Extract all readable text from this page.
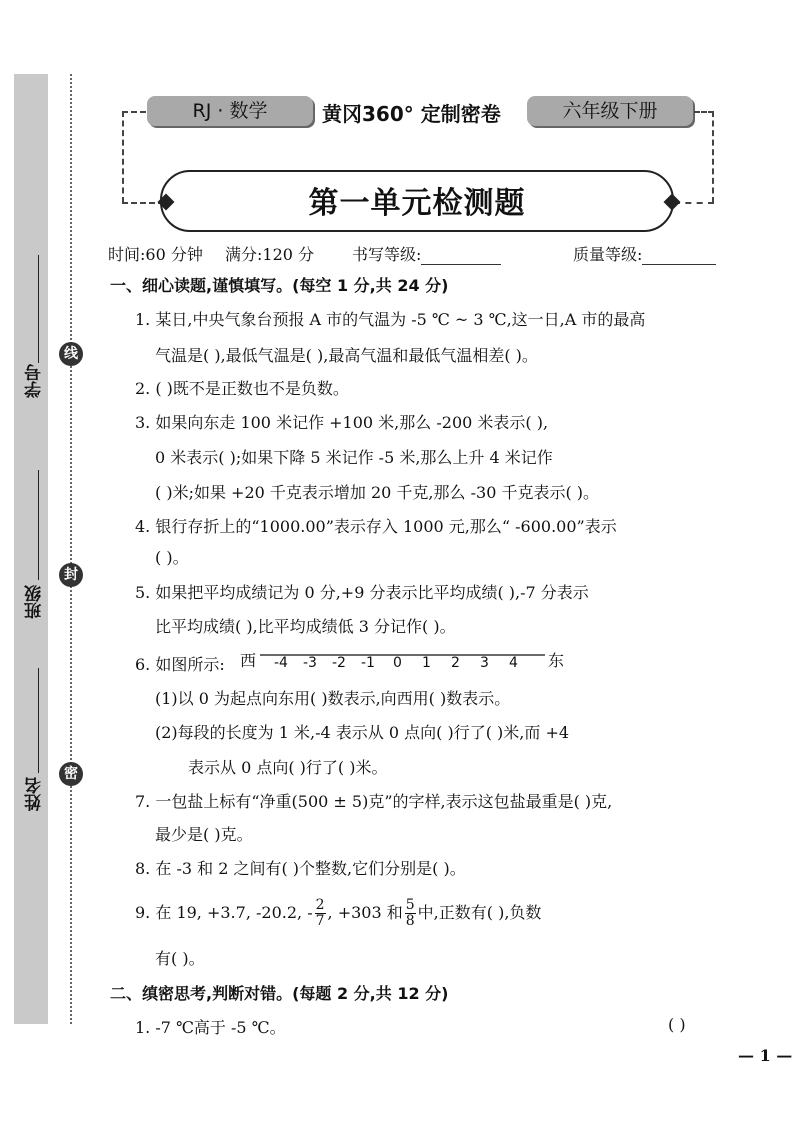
线
封
密
学号
班级
姓名
RJ · 数学	黄冈360° 定制密卷	六年级下册
第一单元检测题
时间:60 分钟 满分:120 分 书写等级:	质量等级:
一、细心读题,谨慎填写。(每空 1 分,共 24 分)
1. 某日,中央气象台预报 A 市的气温为 -5 ℃ ~ 3 ℃,这一日,A 市的最高
气温是( ),最低气温是( ),最高气温和最低气温相差( )。
2. ( )既不是正数也不是负数。
3. 如果向东走 100 米记作 +100 米,那么 -200 米表示( ),
0 米表示( );如果下降 5 米记作 -5 米,那么上升 4 米记作
( )米;如果 +20 千克表示增加 20 千克,那么 -30 千克表示( )。
4. 银行存折上的“1000.00”表示存入 1000 元,那么“ -600.00”表示
( )。
5. 如果把平均成绩记为 0 分,+9 分表示比平均成绩( ),-7 分表示
比平均成绩( ),比平均成绩低 3 分记作( )。
6. 如图所示: 西	东
-4 -3 -2 -1 0 1 2 3 4
(1)以 0 为起点向东用( )数表示,向西用( )数表示。
(2)每段的长度为 1 米,-4 表示从 0 点向( )行了( )米,而 +4
表示从 0 点向( )行了( )米。
7. 一包盐上标有“净重(500 ± 5)克”的字样,表示这包盐最重是( )克,
最少是( )克。
8. 在 -3 和 2 之间有( )个整数,它们分别是( )。
9. 在 19, +3.7, -20.2, - $\frac{2}{7}$ , +303 和 $\frac{5}{8}$ 中,正数有( ),负数
有( )。
二、缜密思考,判断对错。(每题 2 分,共 12 分)
1. -7 ℃高于 -5 ℃。	( )
— 1 —
